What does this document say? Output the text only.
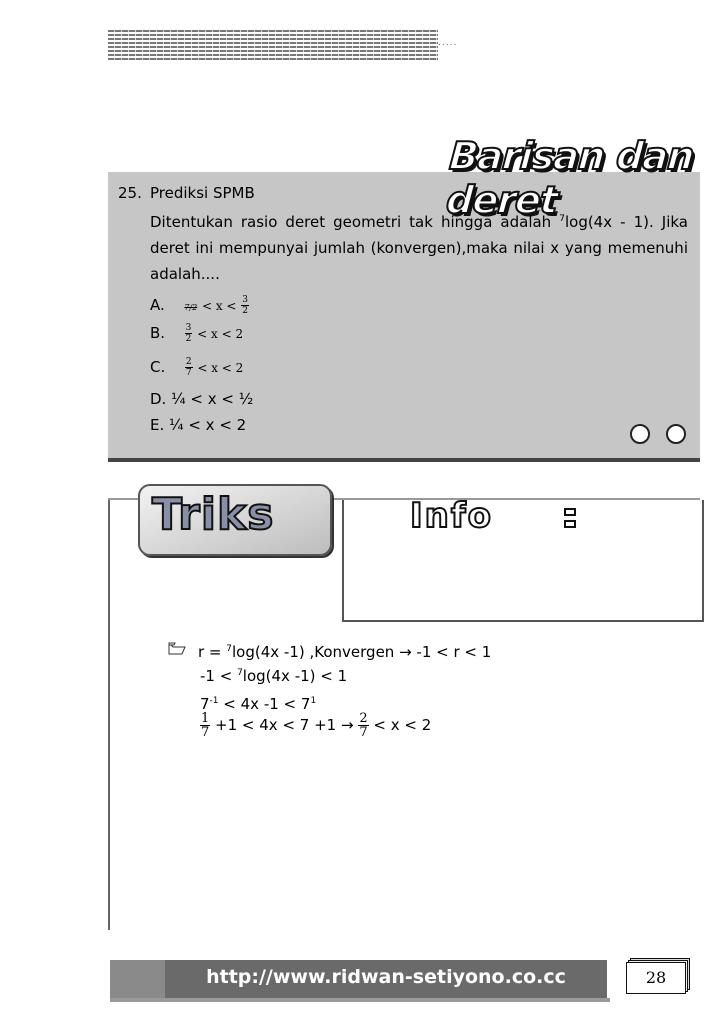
.....
Barisan dan deret
25. Prediksi SPMB
Ditentukan rasio deret geometri tak hingga adalah $^7$log(4x - 1). Jika deret ini mempunyai jumlah (konvergen),maka nilai x yang memenuhi adalah....
A. $7/2 < x < \frac{3}{2}$
B. $\frac{3}{2} < x < 2$
C. $\frac{2}{7} < x < 2$
D. ¼ < x < ½
E. ¼ < x < 2
Triks	Info
r = $^7$log(4x -1) ,Konvergen → -1 < r < 1
-1 < $^7$log(4x -1) < 1
$7^{-1} < 4x$ $-1 < 7^1$
$\frac{1}{7} +1 < 4x < 7 +1 \to \frac{2}{7} < x < 2$
http://www.ridwan-setiyono.co.cc	28
